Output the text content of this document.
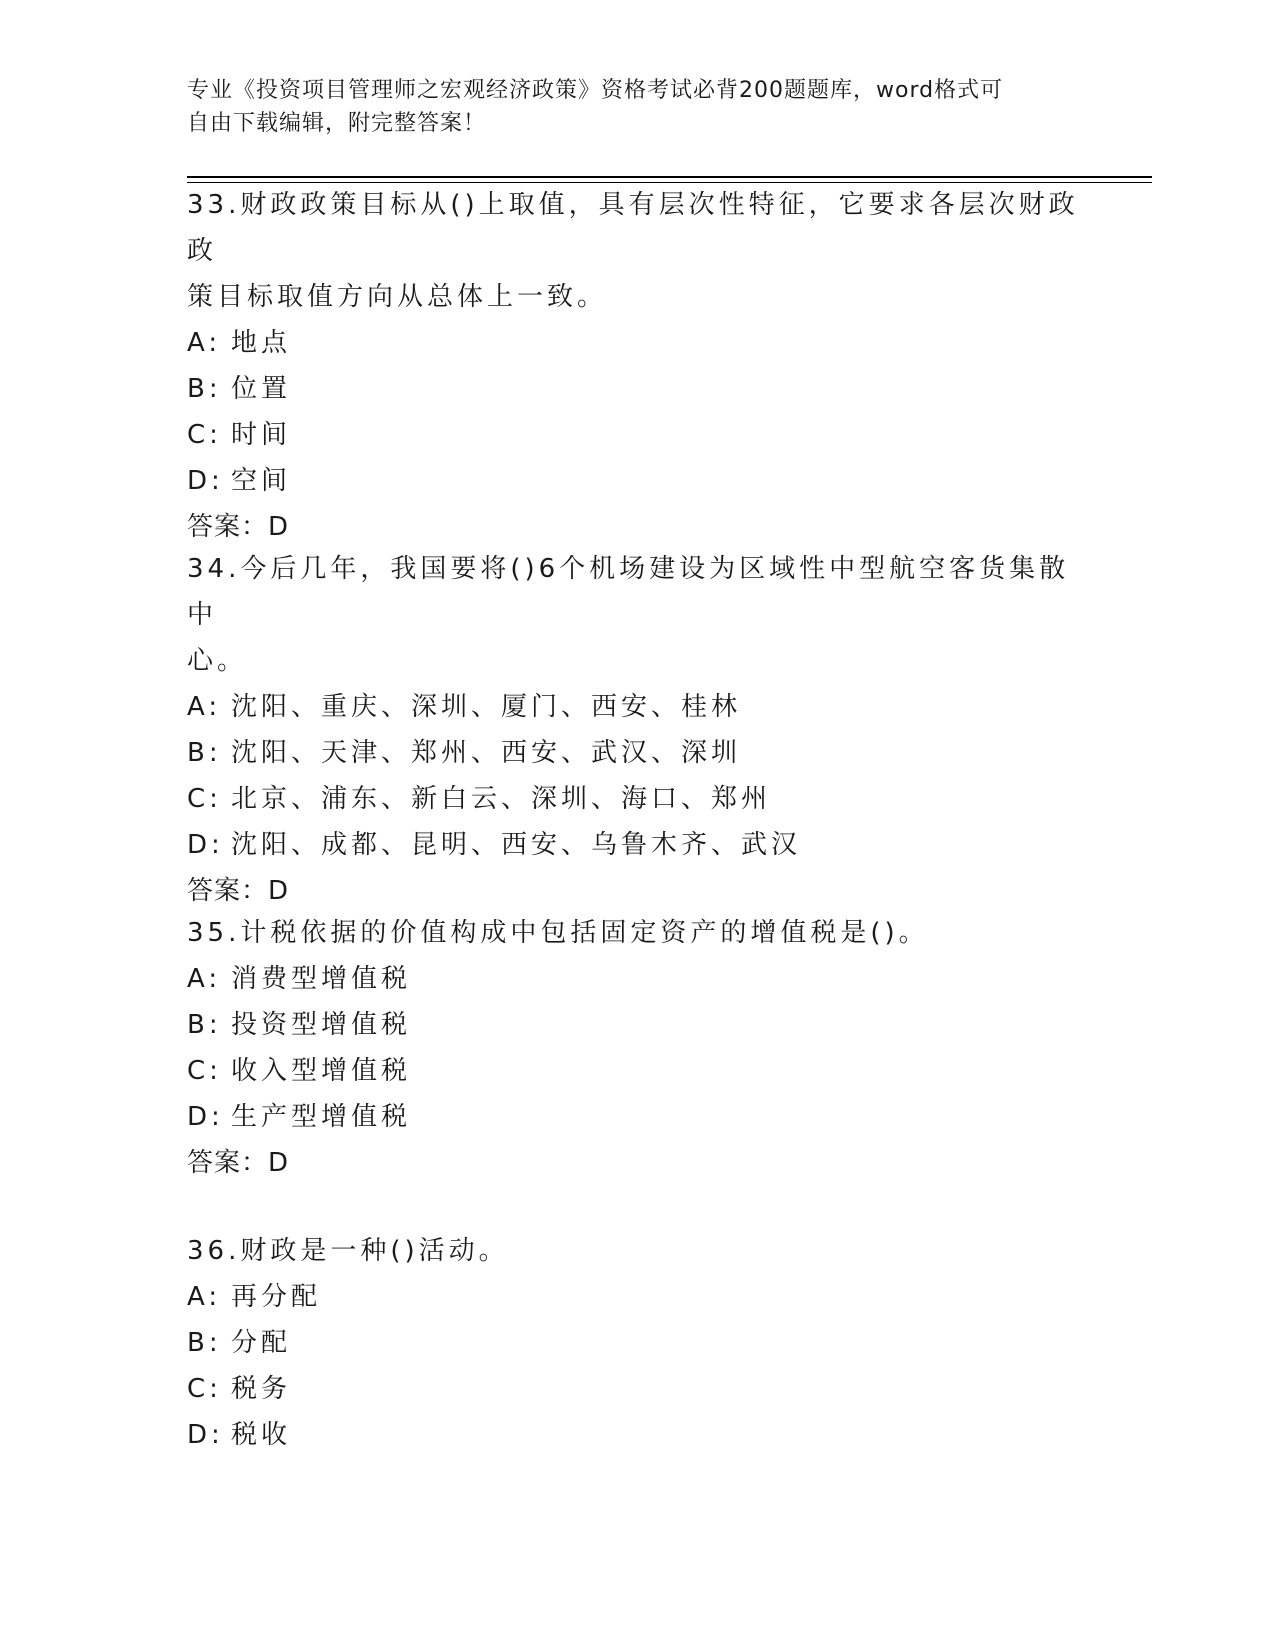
专业《投资项目管理师之宏观经济政策》资格考试必背200题题库，word格式可
自由下载编辑，附完整答案！

33.财政政策目标从()上取值，具有层次性特征，它要求各层次财政政

策目标取值方向从总体上一致。

A: 地点

B: 位置

C: 时间

D: 空间

答案：D

34.今后几年，我国要将()6个机场建设为区域性中型航空客货集散中

心。

A: 沈阳、重庆、深圳、厦门、西安、桂林

B: 沈阳、天津、郑州、西安、武汉、深圳

C: 北京、浦东、新白云、深圳、海口、郑州

D: 沈阳、成都、昆明、西安、乌鲁木齐、武汉

答案：D

35.计税依据的价值构成中包括固定资产的增值税是()。

A: 消费型增值税

B: 投资型增值税

C: 收入型增值税

D: 生产型增值税

答案：D

36.财政是一种()活动。

A: 再分配

B: 分配

C: 税务

D: 税收
